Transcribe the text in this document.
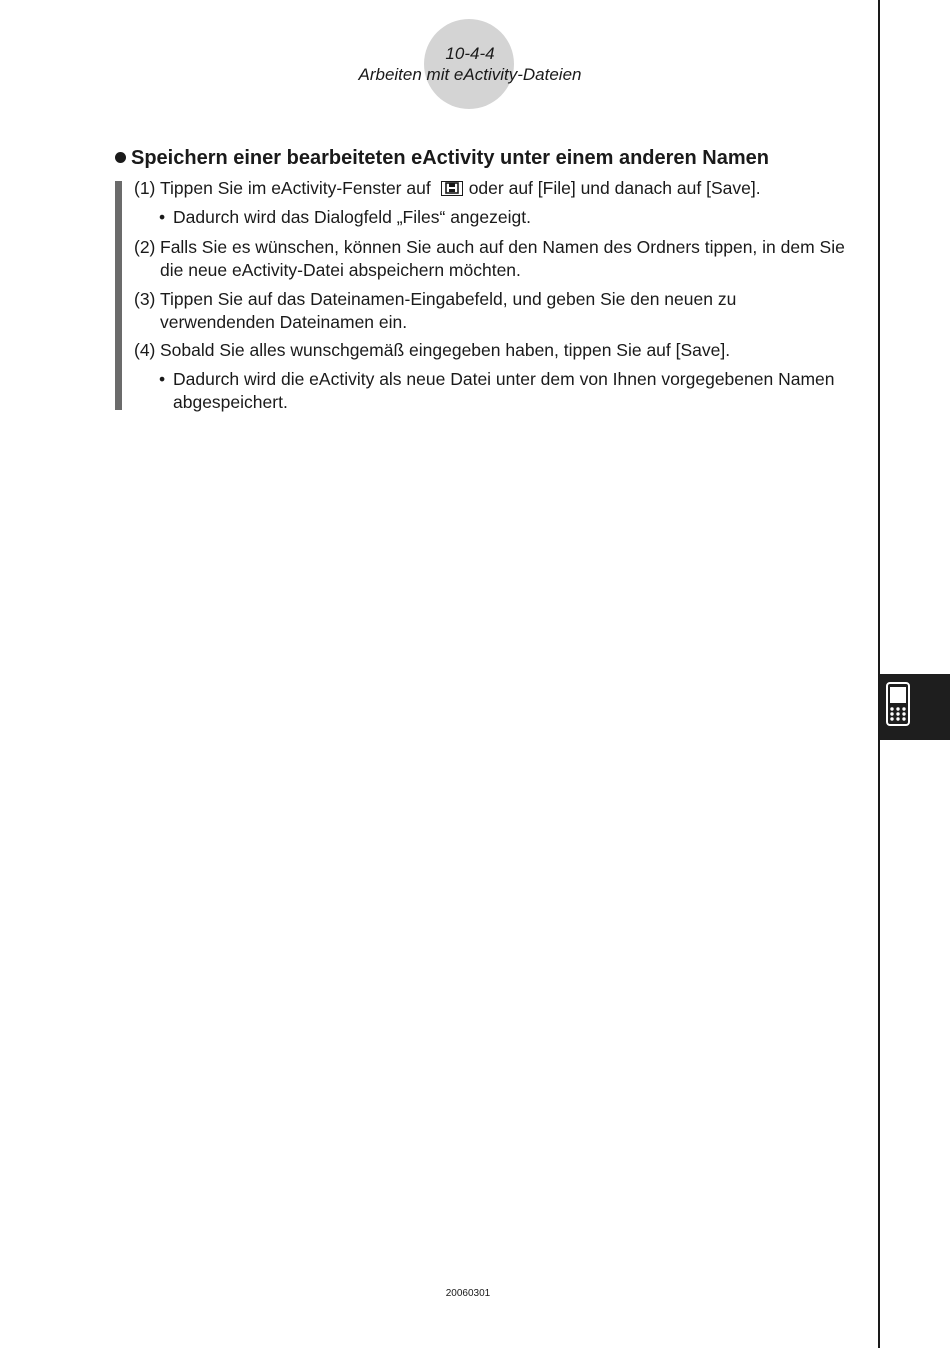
10-4-4
Arbeiten mit eActivity-Dateien
Speichern einer bearbeiteten eActivity unter einem anderen Namen
(1) Tippen Sie im eActivity-Fenster auf oder auf [File] und danach auf [Save].
• Dadurch wird das Dialogfeld „Files“ angezeigt.
(2) Falls Sie es wünschen, können Sie auch auf den Namen des Ordners tippen, in dem Sie
die neue eActivity-Datei abspeichern möchten.
(3) Tippen Sie auf das Dateinamen-Eingabefeld, und geben Sie den neuen zu
verwendenden Dateinamen ein.
(4) Sobald Sie alles wunschgemäß eingegeben haben, tippen Sie auf [Save].
• Dadurch wird die eActivity als neue Datei unter dem von Ihnen vorgegebenen Namen
abgespeichert.
20060301
